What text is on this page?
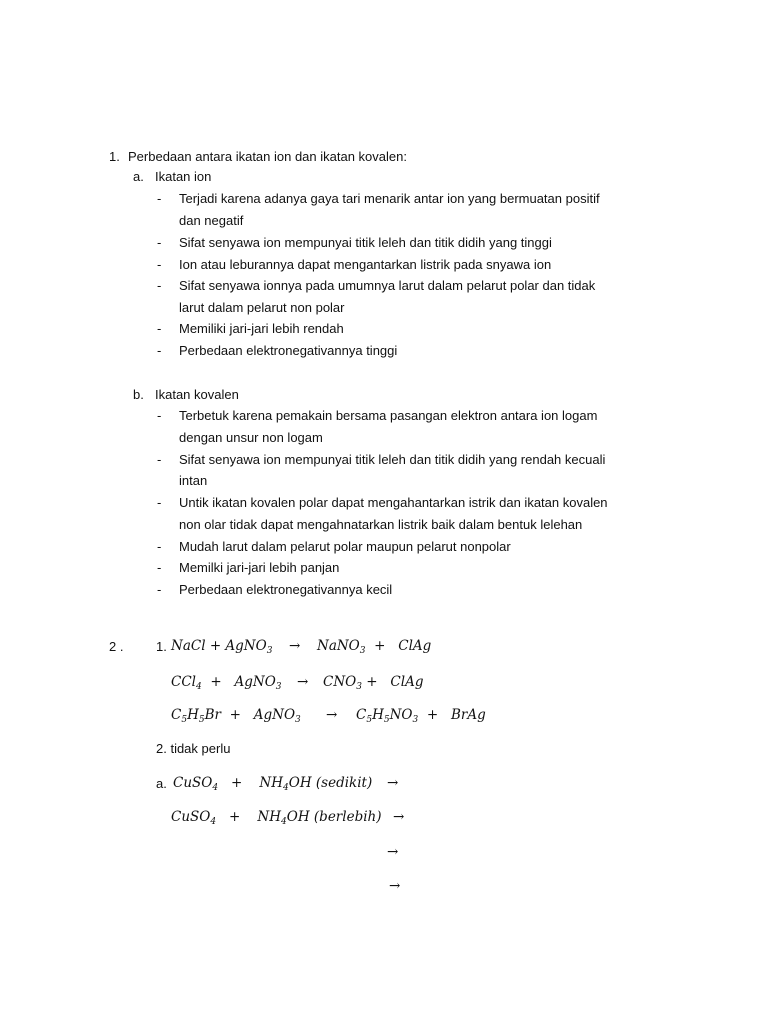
1. Perbedaan antara ikatan ion dan ikatan kovalen:
a. Ikatan ion
- Terjadi karena adanya gaya tari menarik antar ion yang bermuatan positif
dan negatif
- Sifat senyawa ion mempunyai titik leleh dan titik didih yang tinggi
- Ion atau leburannya dapat mengantarkan listrik pada snyawa ion
- Sifat senyawa ionnya pada umumnya larut dalam pelarut polar dan tidak
larut dalam pelarut non polar
- Memiliki jari-jari lebih rendah
- Perbedaan elektronegativannya tinggi
b. Ikatan kovalen
- Terbetuk karena pemakain bersama pasangan elektron antara ion logam
dengan unsur non logam
- Sifat senyawa ion mempunyai titik leleh dan titik didih yang rendah kecuali
intan
- Untik ikatan kovalen polar dapat mengahantarkan istrik dan ikatan kovalen
non olar tidak dapat mengahnatarkan listrik baik dalam bentuk lelehan
- Mudah larut dalam pelarut polar maupun pelarut nonpolar
- Memilki jari-jari lebih panjan
- Perbedaan elektronegativannya kecil
2 .	1. NaCl + AgNO$_3$ → NaNO$_3$ +   ClAg
CCl$_4$ +   AgNO$_3$ → $CNO_3$ +   ClAg
$C_5H_5Br$  +   AgNO$_3$ → $C_5H_5NO_3$ +   BrAg
2. tidak perlu
a. CuSO$_4$ +    $NH_4OH$ (sedikit) →
CuSO$_4$ +    $NH_4OH$ (berlebih) →
→
→
